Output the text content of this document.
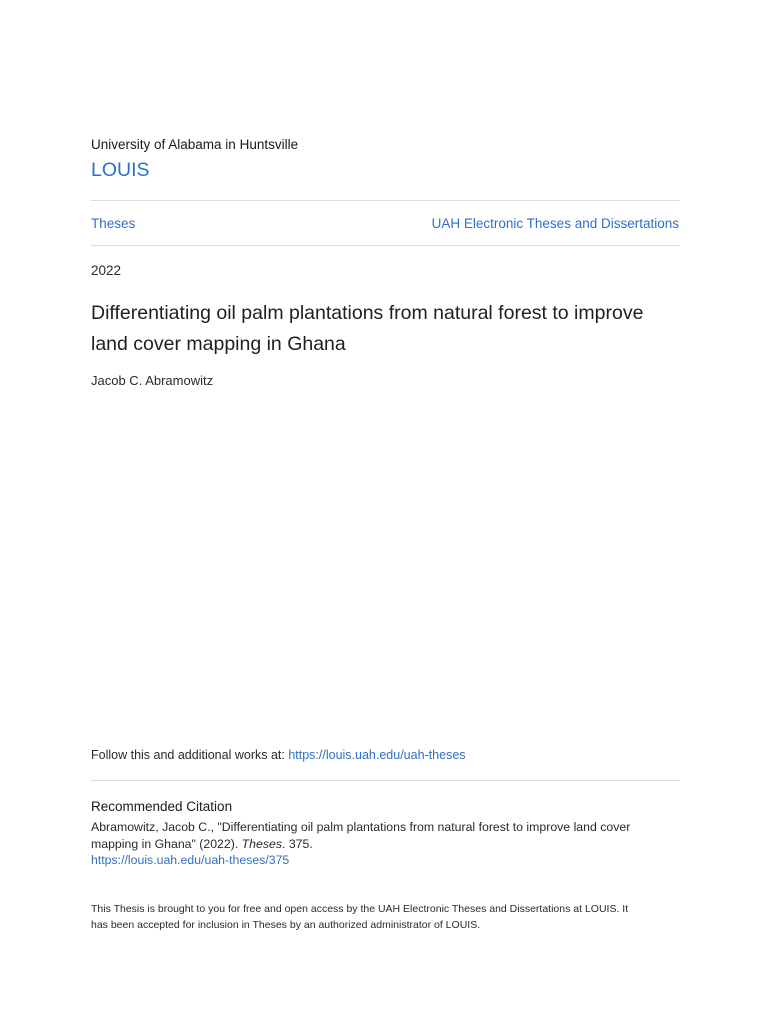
University of Alabama in Huntsville
LOUIS
Theses	UAH Electronic Theses and Dissertations
2022
Differentiating oil palm plantations from natural forest to improve
land cover mapping in Ghana
Jacob C. Abramowitz
Follow this and additional works at: https://louis.uah.edu/uah-theses
Recommended Citation
Abramowitz, Jacob C., "Differentiating oil palm plantations from natural forest to improve land cover
mapping in Ghana" (2022). Theses. 375.
https://louis.uah.edu/uah-theses/375
This Thesis is brought to you for free and open access by the UAH Electronic Theses and Dissertations at LOUIS. It
has been accepted for inclusion in Theses by an authorized administrator of LOUIS.
